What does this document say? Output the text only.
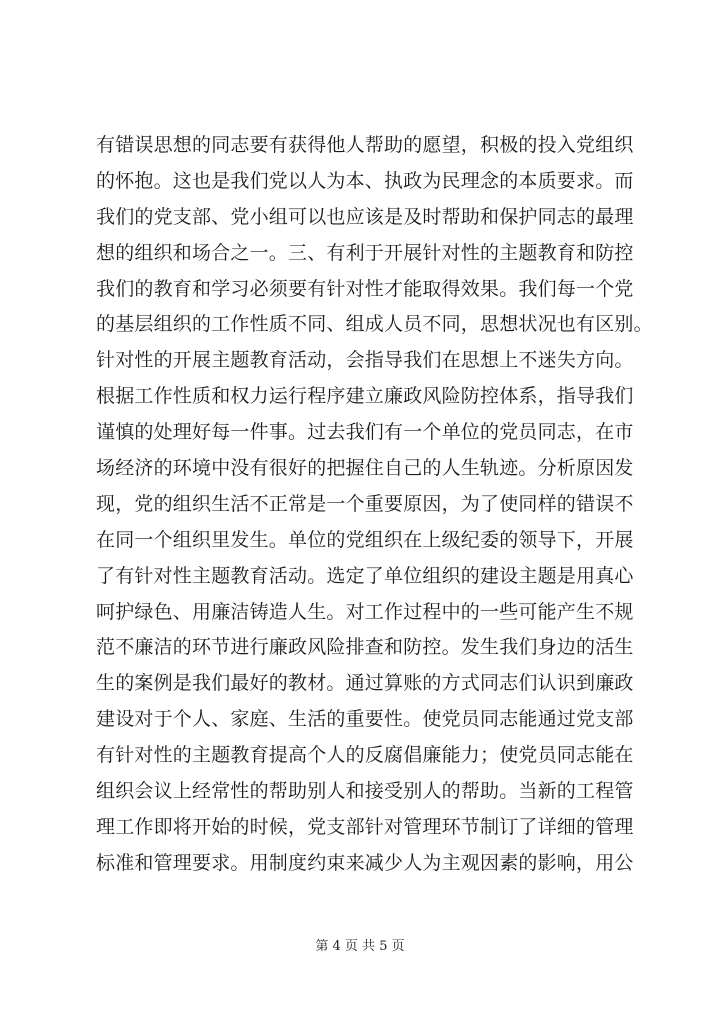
有错误思想的同志要有获得他人帮助的愿望，积极的投入党组织
的怀抱。这也是我们党以人为本、执政为民理念的本质要求。而
我们的党支部、党小组可以也应该是及时帮助和保护同志的最理
想的组织和场合之一。三、有利于开展针对性的主题教育和防控
我们的教育和学习必须要有针对性才能取得效果。我们每一个党
的基层组织的工作性质不同、组成人员不同，思想状况也有区别。
针对性的开展主题教育活动，会指导我们在思想上不迷失方向。
根据工作性质和权力运行程序建立廉政风险防控体系，指导我们
谨慎的处理好每一件事。过去我们有一个单位的党员同志，在市
场经济的环境中没有很好的把握住自己的人生轨迹。分析原因发
现，党的组织生活不正常是一个重要原因，为了使同样的错误不
在同一个组织里发生。单位的党组织在上级纪委的领导下，开展
了有针对性主题教育活动。选定了单位组织的建设主题是用真心
呵护绿色、用廉洁铸造人生。对工作过程中的一些可能产生不规
范不廉洁的环节进行廉政风险排查和防控。发生我们身边的活生
生的案例是我们最好的教材。通过算账的方式同志们认识到廉政
建设对于个人、家庭、生活的重要性。使党员同志能通过党支部
有针对性的主题教育提高个人的反腐倡廉能力；使党员同志能在
组织会议上经常性的帮助别人和接受别人的帮助。当新的工程管
理工作即将开始的时候，党支部针对管理环节制订了详细的管理
标准和管理要求。用制度约束来减少人为主观因素的影响，用公
第 4 页 共 5 页
